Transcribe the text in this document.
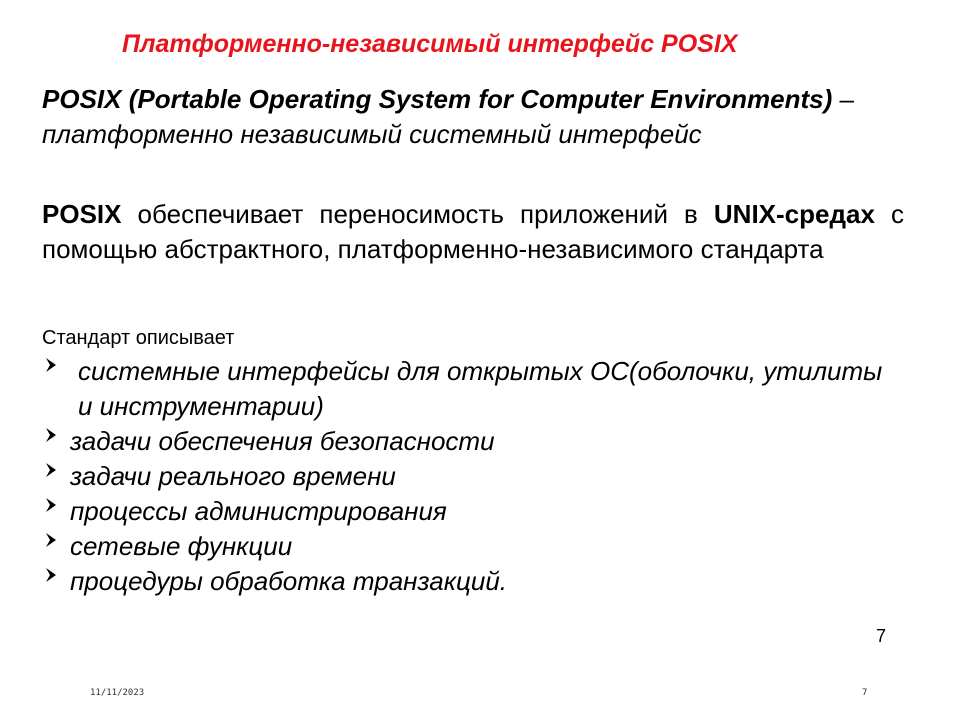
Платформенно-независимый интерфейс POSIX
POSIX (Portable Operating System for Computer Environments) – платформенно независимый системный интерфейс
POSIX обеспечивает переносимость приложений в UNIX-средах с помощью абстрактного, платформенно-независимого стандарта
Стандарт описывает
системные интерфейсы для открытых ОС(оболочки, утилиты и инструментарии)
задачи обеспечения безопасности
задачи реального времени
процессы администрирования
сетевые функции
процедуры обработка транзакций.
7
11/11/2023	7
